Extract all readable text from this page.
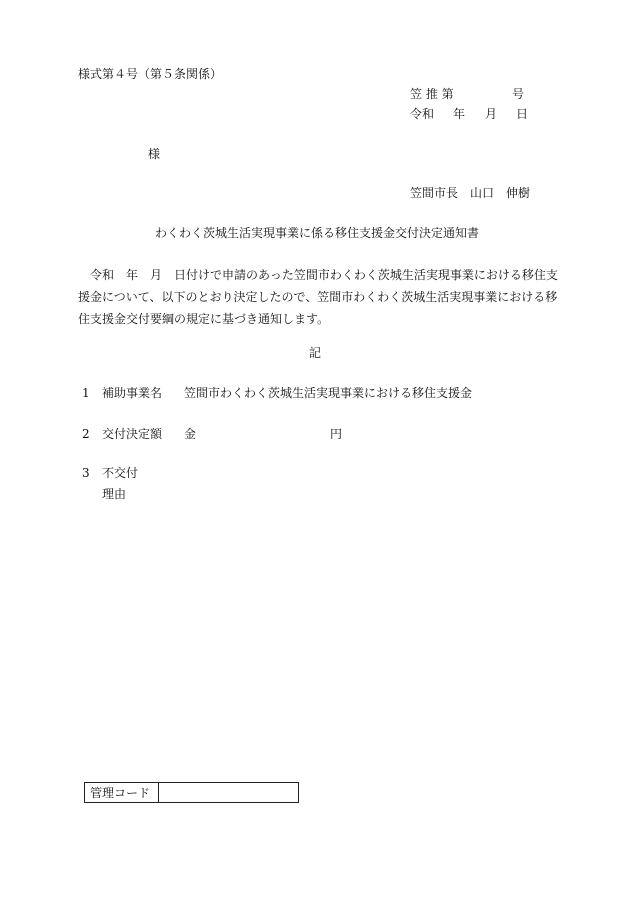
様式第４号（第５条関係）
笠 推 第	号
令和 年 月 日
様
笠間市長 山口　伸樹
わくわく茨城生活実現事業に係る移住支援金交付決定通知書
令和　年　月　日付けで申請のあった笠間市わくわく茨城生活実現事業における移住支援金について、以下のとおり決定したので、笠間市わくわく茨城生活実現事業における移住支援金交付要綱の規定に基づき通知します。
記
1 補助事業名 笠間市わくわく茨城生活実現事業における移住支援金
2 交付決定額 金	円
3 不交付
理由
管理コード
